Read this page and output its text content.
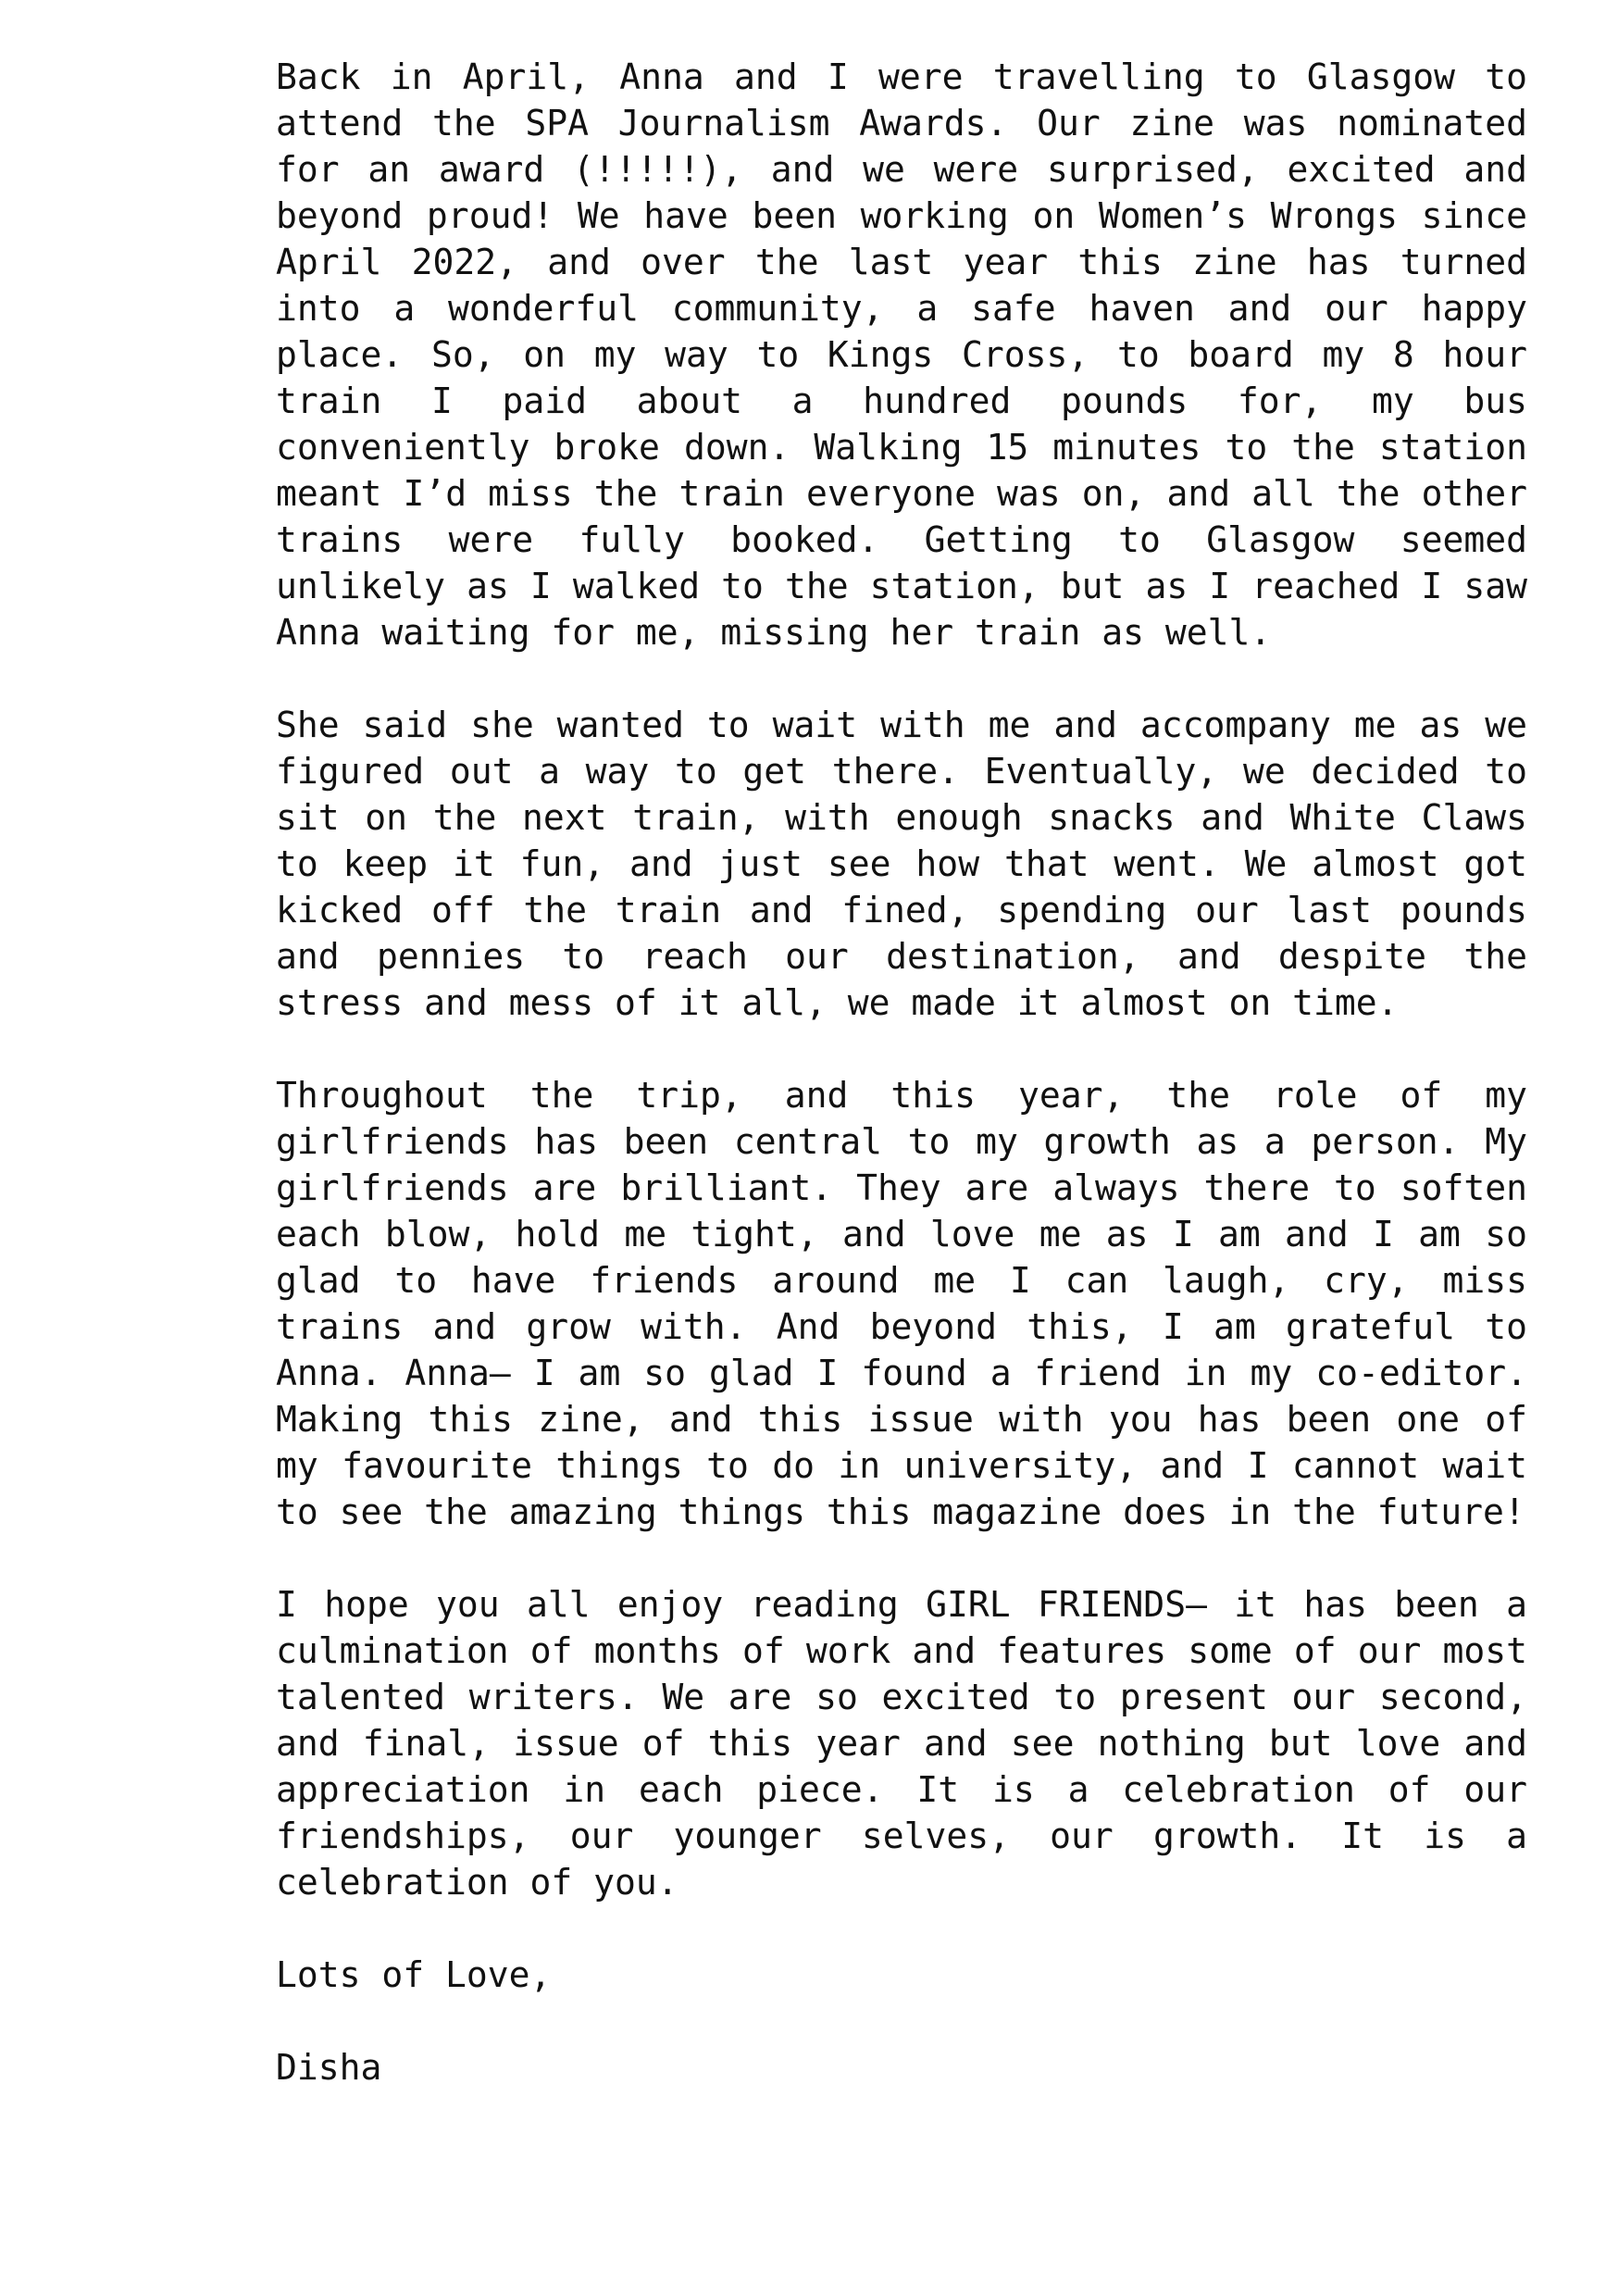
Back in April, Anna and I were travelling to Glasgow to attend the SPA Journalism Awards. Our zine was nominated for an award (!!!!!), and we were surprised, excited and beyond proud! We have been working on Women’s Wrongs since April 2022, and over the last year this zine has turned into a wonderful community, a safe haven and our happy place. So, on my way to Kings Cross, to board my 8 hour train I paid about a hundred pounds for, my bus conveniently broke down. Walking 15 minutes to the station meant I’d miss the train everyone was on, and all the other trains were fully booked. Getting to Glasgow seemed unlikely as I walked to the station, but as I reached I saw Anna waiting for me, missing her train as well.

She said she wanted to wait with me and accompany me as we figured out a way to get there. Eventually, we decided to sit on the next train, with enough snacks and White Claws to keep it fun, and just see how that went. We almost got kicked off the train and fined, spending our last pounds and pennies to reach our destination, and despite the stress and mess of it all, we made it almost on time.

Throughout the trip, and this year, the role of my girlfriends has been central to my growth as a person. My girlfriends are brilliant. They are always there to soften each blow, hold me tight, and love me as I am and I am so glad to have friends around me I can laugh, cry, miss trains and grow with. And beyond this, I am grateful to Anna. Anna— I am so glad I found a friend in my co-editor. Making this zine, and this issue with you has been one of my favourite things to do in university, and I cannot wait to see the amazing things this magazine does in the future!

I hope you all enjoy reading GIRL FRIENDS— it has been a culmination of months of work and features some of our most talented writers. We are so excited to present our second, and final, issue of this year and see nothing but love and appreciation in each piece. It is a celebration of our friendships, our younger selves, our growth. It is a celebration of you.

Lots of Love,

Disha
